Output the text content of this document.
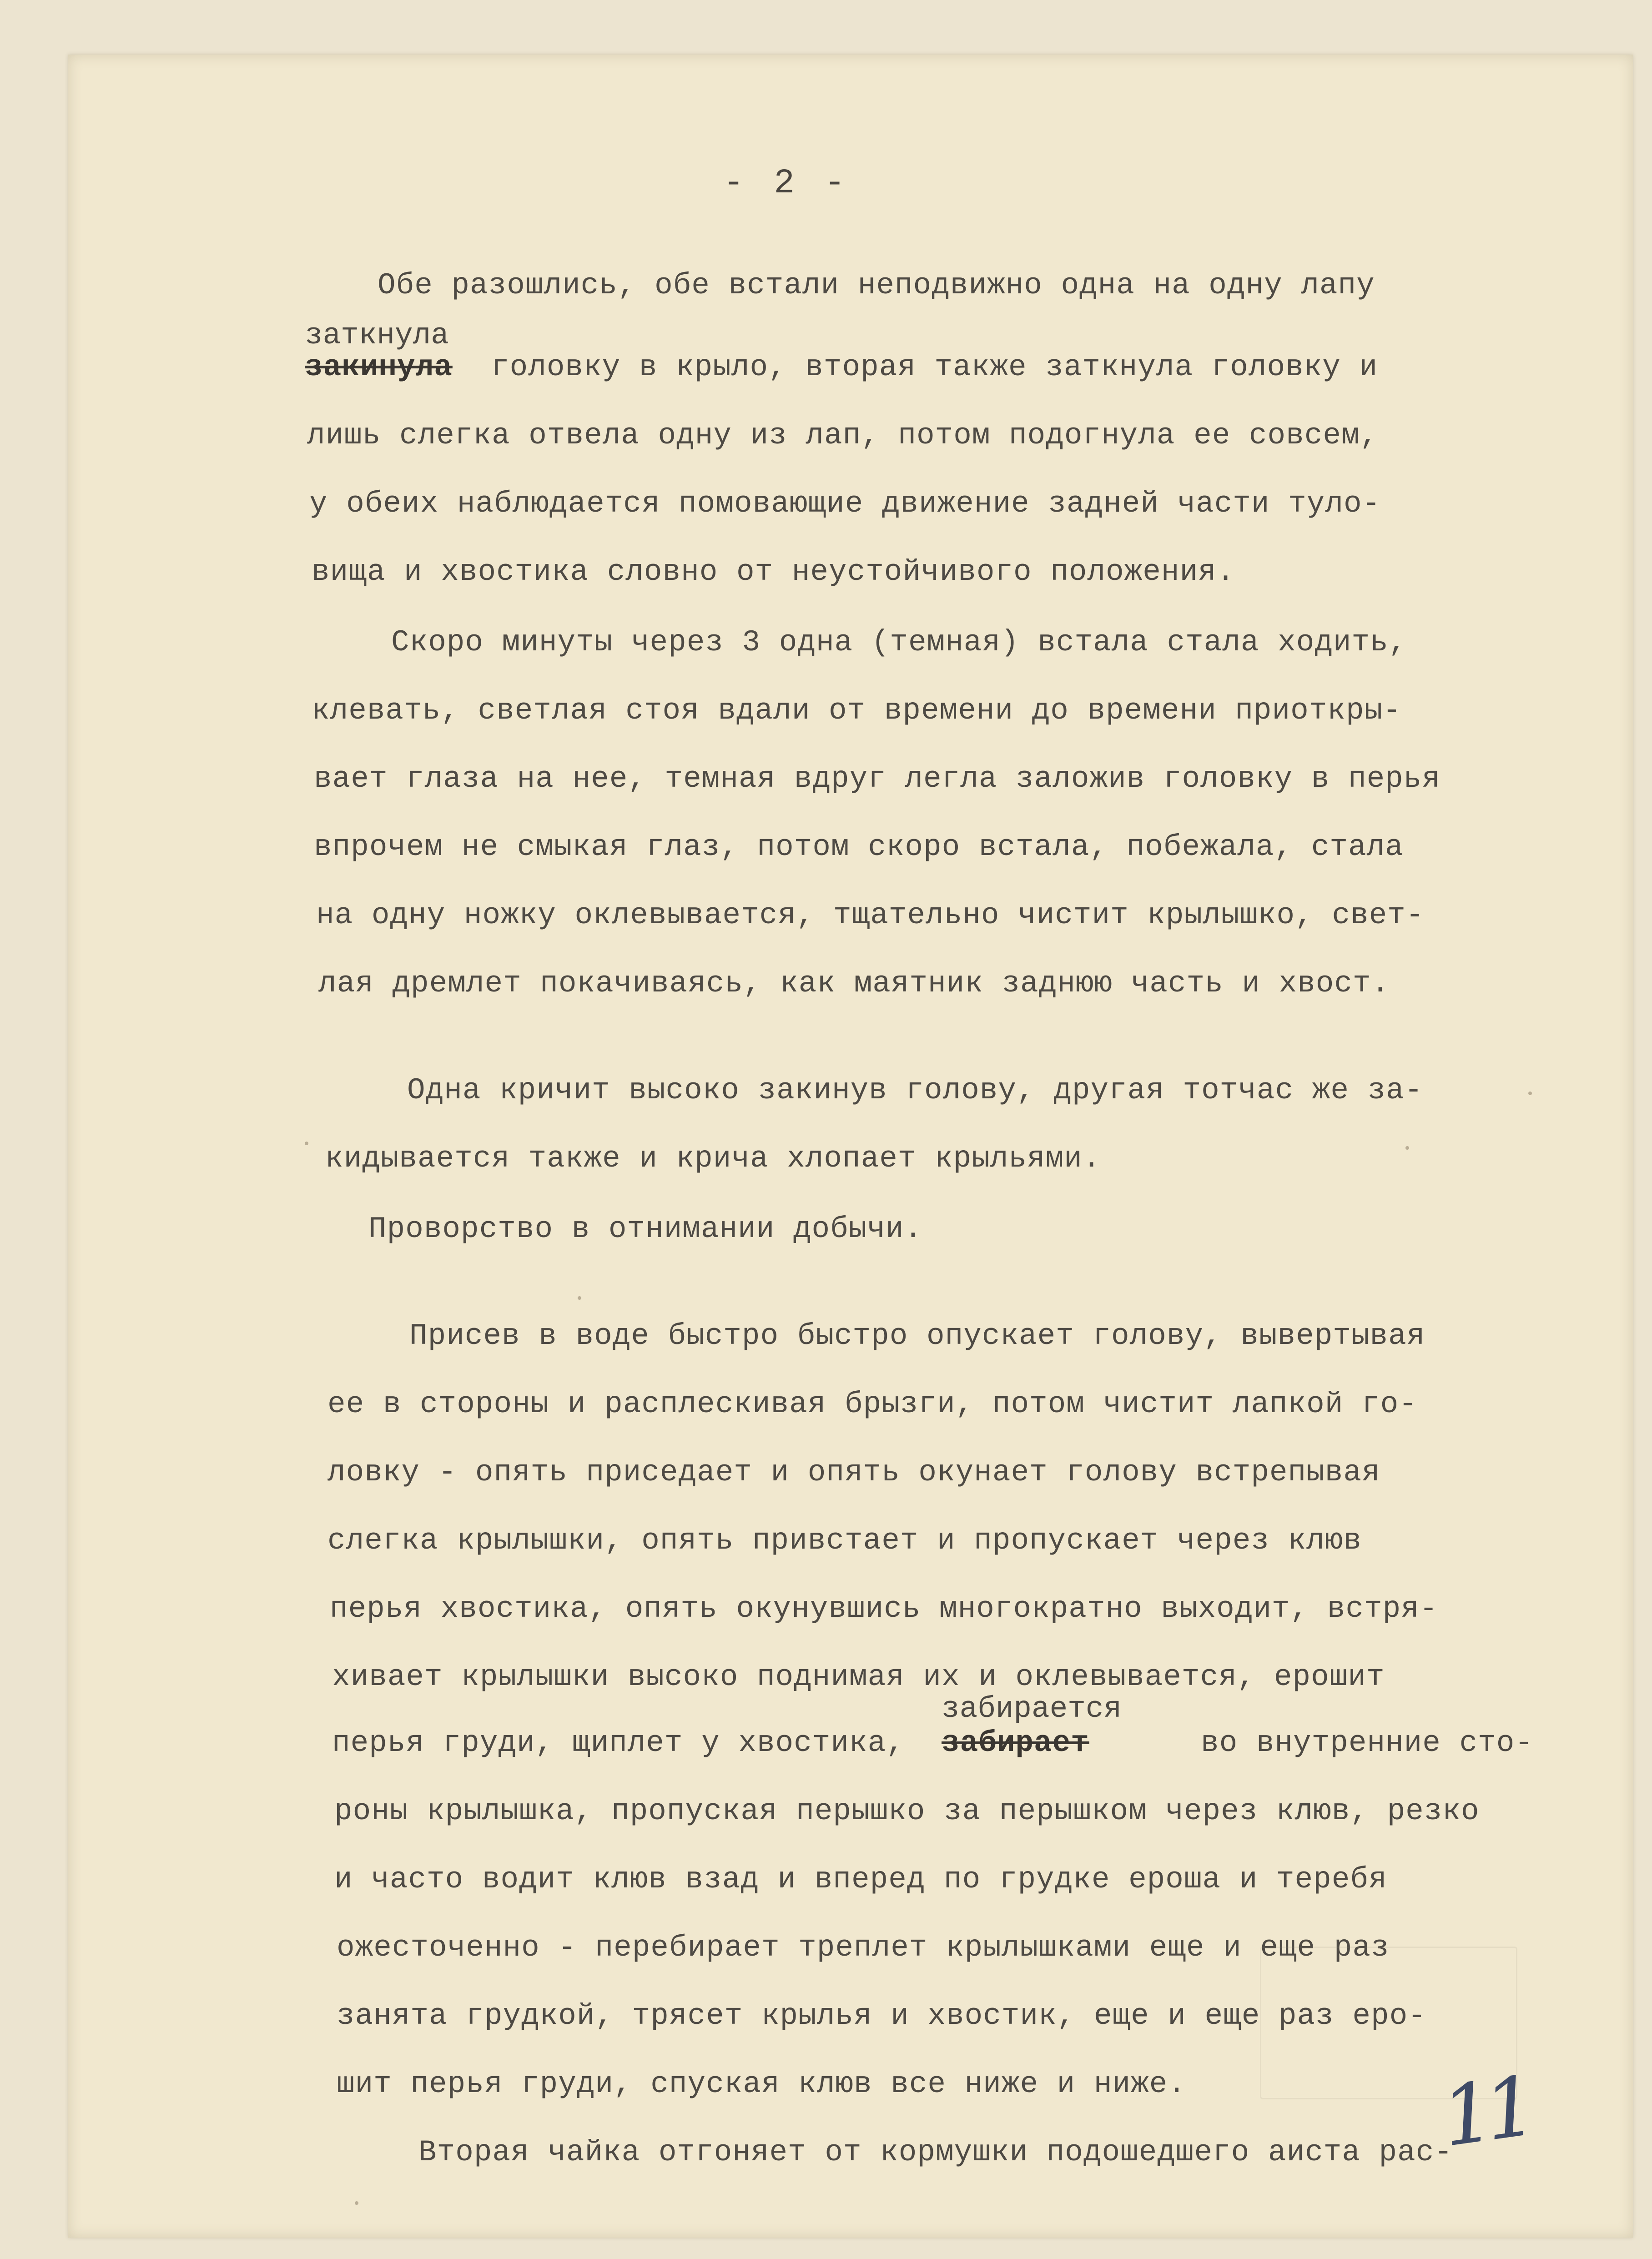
- 2 -
Обе разошлись, обе встали неподвижно одна на одну лапу
заткнула
закинула головку в крыло, вторая также заткнула головку и
лишь слегка отвела одну из лап, потом подогнула ее совсем,
у обеих наблюдается помовающие движение задней части туло-
вища и хвостика словно от неустойчивого положения.
Скоро минуты через 3 одна (темная) встала стала ходить,
клевать, светлая стоя вдали от времени до времени приоткры-
вает глаза на нее, темная вдруг легла заложив головку в перья
впрочем не смыкая глаз, потом скоро встала, побежала, стала
на одну ножку оклевывается, тщательно чистит крылышко, свет-
лая дремлет покачиваясь, как маятник заднюю часть и хвост.
Одна кричит высоко закинув голову, другая тотчас же за-
кидывается также и крича хлопает крыльями.
Проворство в отнимании добычи.
Присев в воде быстро быстро опускает голову, вывертывая
ее в стороны и расплескивая брызги, потом чистит лапкой го-
ловку - опять приседает и опять окунает голову встрепывая
слегка крылышки, опять привстает и пропускает через клюв
перья хвостика, опять окунувшись многократно выходит, встря-
хивает крылышки высоко поднимая их и оклевывается, ерошит
забирается
перья груди, щиплет у хвостика, забирает	во внутренние сто-
роны крылышка, пропуская перышко за перышком через клюв, резко
и часто водит клюв взад и вперед по грудке ероша и теребя
ожесточенно - перебирает треплет крылышками еще и еще раз
занята грудкой, трясет крылья и хвостик, еще и еще раз еро-
шит перья груди, спуская клюв все ниже и ниже.
Вторая чайка отгоняет от кормушки подошедшего аиста рас-
11
